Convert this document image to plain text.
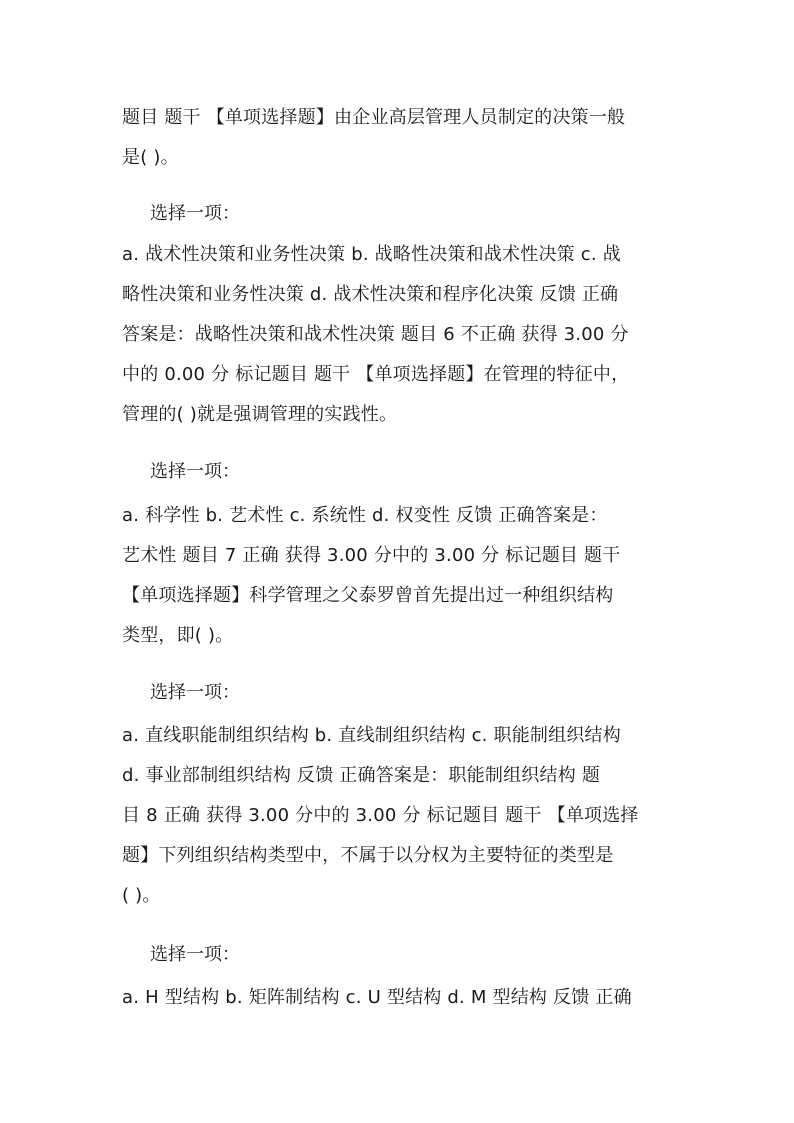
题目 题干 【单项选择题】由企业高层管理人员制定的决策一般
是( )。

选择一项：

a. 战术性决策和业务性决策 b. 战略性决策和战术性决策 c. 战
略性决策和业务性决策 d. 战术性决策和程序化决策 反馈 正确
答案是：战略性决策和战术性决策 题目 6 不正确 获得 3.00 分
中的 0.00 分 标记题目 题干 【单项选择题】在管理的特征中，
管理的( )就是强调管理的实践性。

选择一项：

a. 科学性 b. 艺术性 c. 系统性 d. 权变性 反馈 正确答案是：
艺术性 题目 7 正确 获得 3.00 分中的 3.00 分 标记题目 题干
【单项选择题】科学管理之父泰罗曾首先提出过一种组织结构
类型，即( )。

选择一项：

a. 直线职能制组织结构 b. 直线制组织结构 c. 职能制组织结构
d. 事业部制组织结构 反馈 正确答案是：职能制组织结构 题
目 8 正确 获得 3.00 分中的 3.00 分 标记题目 题干 【单项选择
题】下列组织结构类型中，不属于以分权为主要特征的类型是
( )。

选择一项：

a. H 型结构 b. 矩阵制结构 c. U 型结构 d. M 型结构 反馈 正确
